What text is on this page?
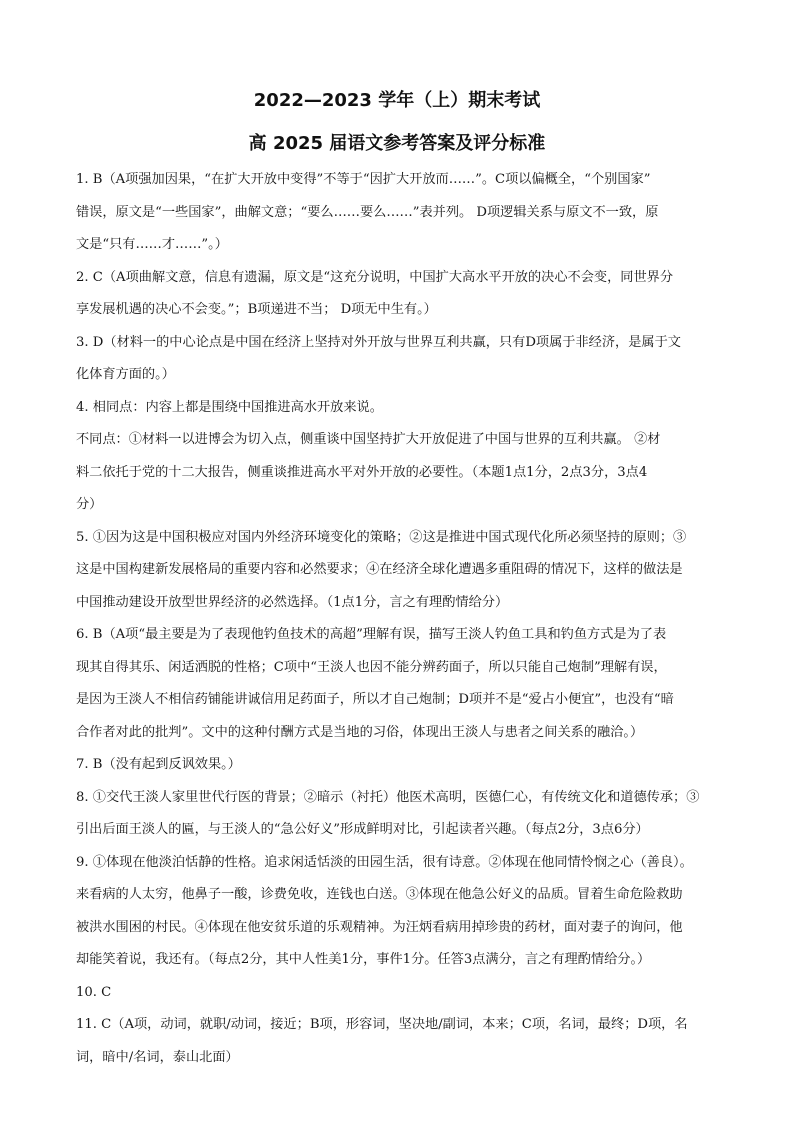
2022—2023 学年（上）期末考试
高 2025 届语文参考答案及评分标准
1. B（A项强加因果，“在扩大开放中变得”不等于“因扩大开放而……”。C项以偏概全，“个别国家”
错误，原文是“一些国家”，曲解文意；“要么……要么……”表并列。 D项逻辑关系与原文不一致，原
文是“只有……才……”。）
2. C（A项曲解文意，信息有遗漏，原文是“这充分说明，中国扩大高水平开放的决心不会变，同世界分
享发展机遇的决心不会变。”；B项递进不当； D项无中生有。）
3. D（材料一的中心论点是中国在经济上坚持对外开放与世界互利共赢，只有D项属于非经济，是属于文
化体育方面的。）
4. 相同点：内容上都是围绕中国推进高水开放来说。
不同点：①材料一以进博会为切入点，侧重谈中国坚持扩大开放促进了中国与世界的互利共赢。 ②材
料二依托于党的十二大报告，侧重谈推进高水平对外开放的必要性。（本题1点1分，2点3分，3点4
分）
5. ①因为这是中国积极应对国内外经济环境变化的策略；②这是推进中国式现代化所必须坚持的原则；③
这是中国构建新发展格局的重要内容和必然要求；④在经济全球化遭遇多重阻碍的情况下，这样的做法是
中国推动建设开放型世界经济的必然选择。（1点1分，言之有理酌情给分）
6. B（A项“最主要是为了表现他钓鱼技术的高超”理解有误，描写王淡人钓鱼工具和钓鱼方式是为了表
现其自得其乐、闲适洒脱的性格；C项中“王淡人也因不能分辨药面子，所以只能自己炮制”理解有误，
是因为王淡人不相信药铺能讲诚信用足药面子，所以才自己炮制；D项并不是“爱占小便宜”，也没有“暗
合作者对此的批判”。文中的这种付酬方式是当地的习俗，体现出王淡人与患者之间关系的融洽。）
7. B（没有起到反讽效果。）
8. ①交代王淡人家里世代行医的背景；②暗示（衬托）他医术高明，医德仁心，有传统文化和道德传承；③
引出后面王淡人的匾，与王淡人的“急公好义”形成鲜明对比，引起读者兴趣。（每点2分，3点6分）
9. ①体现在他淡泊恬静的性格。追求闲适恬淡的田园生活，很有诗意。②体现在他同情怜悯之心（善良）。
来看病的人太穷，他鼻子一酸，诊费免收，连钱也白送。③体现在他急公好义的品质。冒着生命危险救助
被洪水围困的村民。④体现在他安贫乐道的乐观精神。为汪炳看病用掉珍贵的药材，面对妻子的询问，他
却能笑着说，我还有。（每点2分，其中人性美1分，事件1分。任答3点满分，言之有理酌情给分。）
10. C
11. C（A项，动词，就职/动词，接近；B项，形容词，坚决地/副词，本来；C项，名词，最终；D项，名
词，暗中/名词，泰山北面）
